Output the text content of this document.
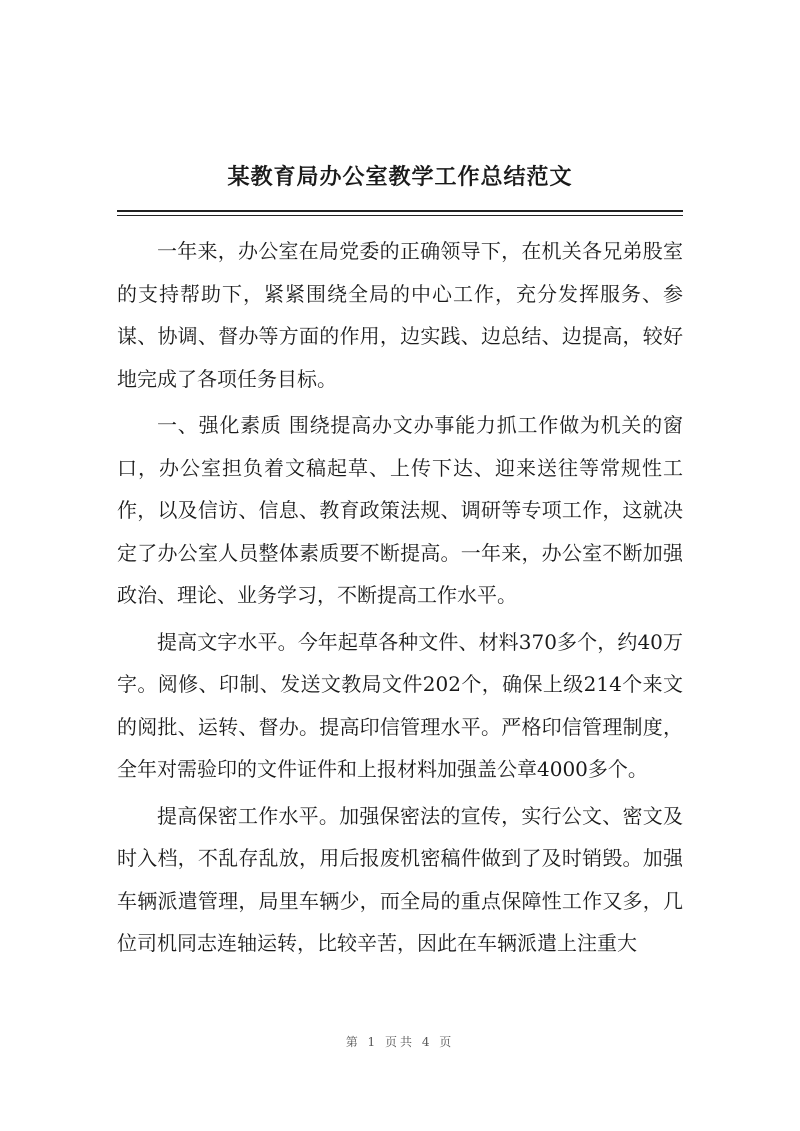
某教育局办公室教学工作总结范文

一年来，办公室在局党委的正确领导下，在机关各兄弟股室的支持帮助下，紧紧围绕全局的中心工作，充分发挥服务、参谋、协调、督办等方面的作用，边实践、边总结、边提高，较好地完成了各项任务目标。

一、强化素质 围绕提高办文办事能力抓工作做为机关的窗口，办公室担负着文稿起草、上传下达、迎来送往等常规性工作，以及信访、信息、教育政策法规、调研等专项工作，这就决定了办公室人员整体素质要不断提高。一年来，办公室不断加强政治、理论、业务学习，不断提高工作水平。

提高文字水平。今年起草各种文件、材料370多个，约40万字。阅修、印制、发送文教局文件202个，确保上级214个来文的阅批、运转、督办。提高印信管理水平。严格印信管理制度，全年对需验印的文件证件和上报材料加强盖公章4000多个。

提高保密工作水平。加强保密法的宣传，实行公文、密文及时入档，不乱存乱放，用后报废机密稿件做到了及时销毁。加强车辆派遣管理，局里车辆少，而全局的重点保障性工作又多，几位司机同志连轴运转，比较辛苦，因此在车辆派遣上注重大

第 1 页共 4 页
